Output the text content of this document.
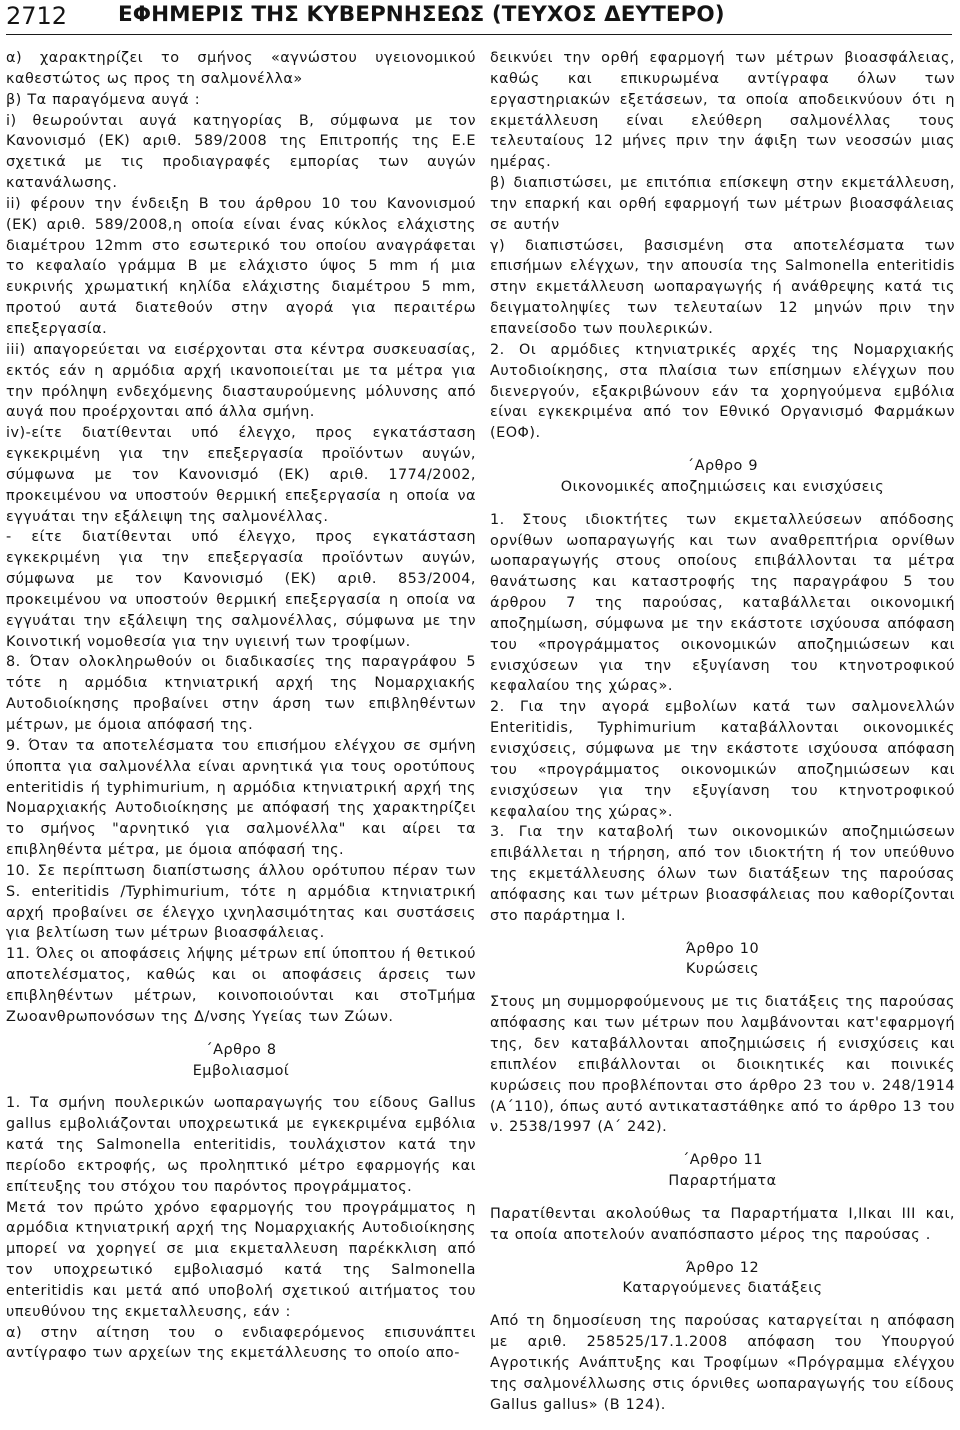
2712 ΕΦΗΜΕΡΙΣ ΤΗΣ ΚΥΒΕΡΝΗΣΕΩΣ (ΤΕΥΧΟΣ ΔΕΥΤΕΡΟ)

α) χαρακτηρίζει το σμήνος «αγνώστου υγειονομικού καθεστώτος ως προς τη σαλμονέλλα»

β) Τα παραγόμενα αυγά :

i) θεωρούνται αυγά κατηγορίας Β, σύμφωνα με τον Κανονισμό (ΕΚ) αριθ. 589/2008 της Επιτροπής της Ε.Ε σχετικά με τις προδιαγραφές εμπορίας των αυγών κατανάλωσης.

ii) φέρουν την ένδειξη Β του άρθρου 10 του Κανονισμού (ΕΚ) αριθ. 589/2008,η οποία είναι ένας κύκλος ελάχιστης διαμέτρου 12mm στο εσωτερικό του οποίου αναγράφεται το κεφαλαίο γράμμα Β με ελάχιστο ύψος 5 mm ή μια ευκρινής χρωματική κηλίδα ελάχιστης διαμέτρου 5 mm, προτού αυτά διατεθούν στην αγορά για περαιτέρω επεξεργασία.

iii) απαγορεύεται να εισέρχονται στα κέντρα συσκευασίας, εκτός εάν η αρμόδια αρχή ικανοποιείται με τα μέτρα για την πρόληψη ενδεχόμενης διασταυρούμενης μόλυνσης από αυγά που προέρχονται από άλλα σμήνη.

iv)-είτε διατίθενται υπό έλεγχο, προς εγκατάσταση εγκεκριμένη για την επεξεργασία προϊόντων αυγών, σύμφωνα με τον Κανονισμό (ΕΚ) αριθ. 1774/2002, προκειμένου να υποστούν θερμική επεξεργασία η οποία να εγγυάται την εξάλειψη της σαλμονέλλας.

- είτε διατίθενται υπό έλεγχο, προς εγκατάσταση εγκεκριμένη για την επεξεργασία προϊόντων αυγών, σύμφωνα με τον Κανονισμό (ΕΚ) αριθ. 853/2004, προκειμένου να υποστούν θερμική επεξεργασία η οποία να εγγυάται την εξάλειψη της σαλμονέλλας, σύμφωνα με την Κοινοτική νομοθεσία για την υγιεινή των τροφίμων.

8. Όταν ολοκληρωθούν οι διαδικασίες της παραγράφου 5 τότε η αρμόδια κτηνιατρική αρχή της Νομαρχιακής Αυτοδιοίκησης προβαίνει στην άρση των επιβληθέντων μέτρων, με όμοια απόφασή της.

9. Όταν τα αποτελέσματα του επισήμου ελέγχου σε σμήνη ύποπτα για σαλμονέλλα είναι αρνητικά για τους οροτύπους enteritidis ή typhimurium, η αρμόδια κτηνιατρική αρχή της Νομαρχιακής Αυτοδιοίκησης με απόφασή της χαρακτηρίζει το σμήνος "αρνητικό για σαλμονέλλα" και αίρει τα επιβληθέντα μέτρα, με όμοια απόφασή της.

10. Σε περίπτωση διαπίστωσης άλλου ορότυπου πέραν των S. enteritidis /Typhimurium, τότε η αρμόδια κτηνιατρική αρχή προβαίνει σε έλεγχο ιχνηλασιμότητας και συστάσεις για βελτίωση των μέτρων βιοασφάλειας.

11. Όλες οι αποφάσεις λήψης μέτρων επί ύποπτου ή θετικού αποτελέσματος, καθώς και οι αποφάσεις άρσεις των επιβληθέντων μέτρων, κοινοποιούνται και στοΤμήμα Ζωοανθρωπονόσων της Δ/νσης Υγείας των Ζώων.

΄Αρθρο 8

Εμβολιασμοί

1. Τα σμήνη πουλερικών ωοπαραγωγής του είδους Gallus gallus εμβολιάζονται υποχρεωτικά με εγκεκριμένα εμβόλια κατά της Salmonella enteritidis, τουλάχιστον κατά την περίοδο εκτροφής, ως προληπτικό μέτρο εφαρμογής και επίτευξης του στόχου του παρόντος προγράμματος.

Μετά τον πρώτο χρόνο εφαρμογής του προγράμματος η αρμόδια κτηνιατρική αρχή της Νομαρχιακής Αυτοδιοίκησης μπορεί να χορηγεί σε μια εκμεταλλευση παρέκκλιση από τον υποχρεωτικό εμβολιασμό κατά της Salmonella enteritidis και μετά από υποβολή σχετικού αιτήματος του υπευθύνου της εκμεταλλευσης, εάν :

α) στην αίτηση του ο ενδιαφερόμενος επισυνάπτει αντίγραφο των αρχείων της εκμετάλλευσης το οποίο απο-

δεικνύει την ορθή εφαρμογή των μέτρων βιοασφάλειας, καθώς και επικυρωμένα αντίγραφα όλων των εργαστηριακών εξετάσεων, τα οποία αποδεικνύουν ότι η εκμετάλλευση είναι ελεύθερη σαλμονέλλας τους τελευταίους 12 μήνες πριν την άφιξη των νεοσσών μιας ημέρας.

β) διαπιστώσει, με επιτόπια επίσκεψη στην εκμετάλλευση, την επαρκή και ορθή εφαρμογή των μέτρων βιοασφάλειας σε αυτήν

γ) διαπιστώσει, βασισμένη στα αποτελέσματα των επισήμων ελέγχων, την απουσία της Salmonella enteritidis στην εκμετάλλευση ωοπαραγωγής ή ανάθρεψης κατά τις δειγματοληψίες των τελευταίων 12 μηνών πριν την επανείσοδο των πουλερικών.

2. Οι αρμόδιες κτηνιατρικές αρχές της Νομαρχιακής Αυτοδιοίκησης, στα πλαίσια των επίσημων ελέγχων που διενεργούν, εξακριβώνουν εάν τα χορηγούμενα εμβόλια είναι εγκεκριμένα από τον Εθνικό Οργανισμό Φαρμάκων (ΕΟΦ).

΄Αρθρο 9

Οικονομικές αποζημιώσεις και ενισχύσεις

1. Στους ιδιοκτήτες των εκμεταλλεύσεων απόδοσης ορνίθων ωοπαραγωγής και των αναθρεπτήρια ορνίθων ωοπαραγωγής στους οποίους επιβάλλονται τα μέτρα θανάτωσης και καταστροφής της παραγράφου 5 του άρθρου 7 της παρούσας, καταβάλλεται οικονομική αποζημίωση, σύμφωνα με την εκάστοτε ισχύουσα απόφαση του «προγράμματος οικονομικών αποζημιώσεων και ενισχύσεων για την εξυγίανση του κτηνοτροφικού κεφαλαίου της χώρας».

2. Για την αγορά εμβολίων κατά των σαλμονελλών Enteritidis, Typhimurium καταβάλλονται οικονομικές ενισχύσεις, σύμφωνα με την εκάστοτε ισχύουσα απόφαση του «προγράμματος οικονομικών αποζημιώσεων και ενισχύσεων για την εξυγίανση του κτηνοτροφικού κεφαλαίου της χώρας».

3. Για την καταβολή των οικονομικών αποζημιώσεων επιβάλλεται η τήρηση, από τον ιδιοκτήτη ή τον υπεύθυνο της εκμετάλλευσης όλων των διατάξεων της παρούσας απόφασης και των μέτρων βιοασφάλειας που καθορίζονται στο παράρτημα I.

Άρθρο 10

Κυρώσεις

Στους μη συμμορφούμενους με τις διατάξεις της παρούσας απόφασης και των μέτρων που λαμβάνονται κατ'εφαρμογή της, δεν καταβάλλονται αποζημιώσεις ή ενισχύσεις και επιπλέον επιβάλλονται οι διοικητικές και ποινικές κυρώσεις που προβλέπονται στο άρθρο 23 του ν. 248/1914 (Α΄110), όπως αυτό αντικαταστάθηκε από το άρθρο 13 του ν. 2538/1997 (Α΄ 242).

΄Αρθρο 11

Παραρτήματα

Παρατίθενται ακολούθως τα Παραρτήματα Ι,ΙΙκαι ΙΙΙ και, τα οποία αποτελούν αναπόσπαστο μέρος της παρούσας .

Άρθρο 12

Καταργούμενες διατάξεις

Από τη δημοσίευση της παρούσας καταργείται η απόφαση με αριθ. 258525/17.1.2008 απόφαση του Υπουργού Αγροτικής Ανάπτυξης και Τροφίμων «Πρόγραμμα ελέγχου της σαλμονέλλωσης στις όρνιθες ωοπαραγωγής του είδους Gallus gallus» (Β 124).
